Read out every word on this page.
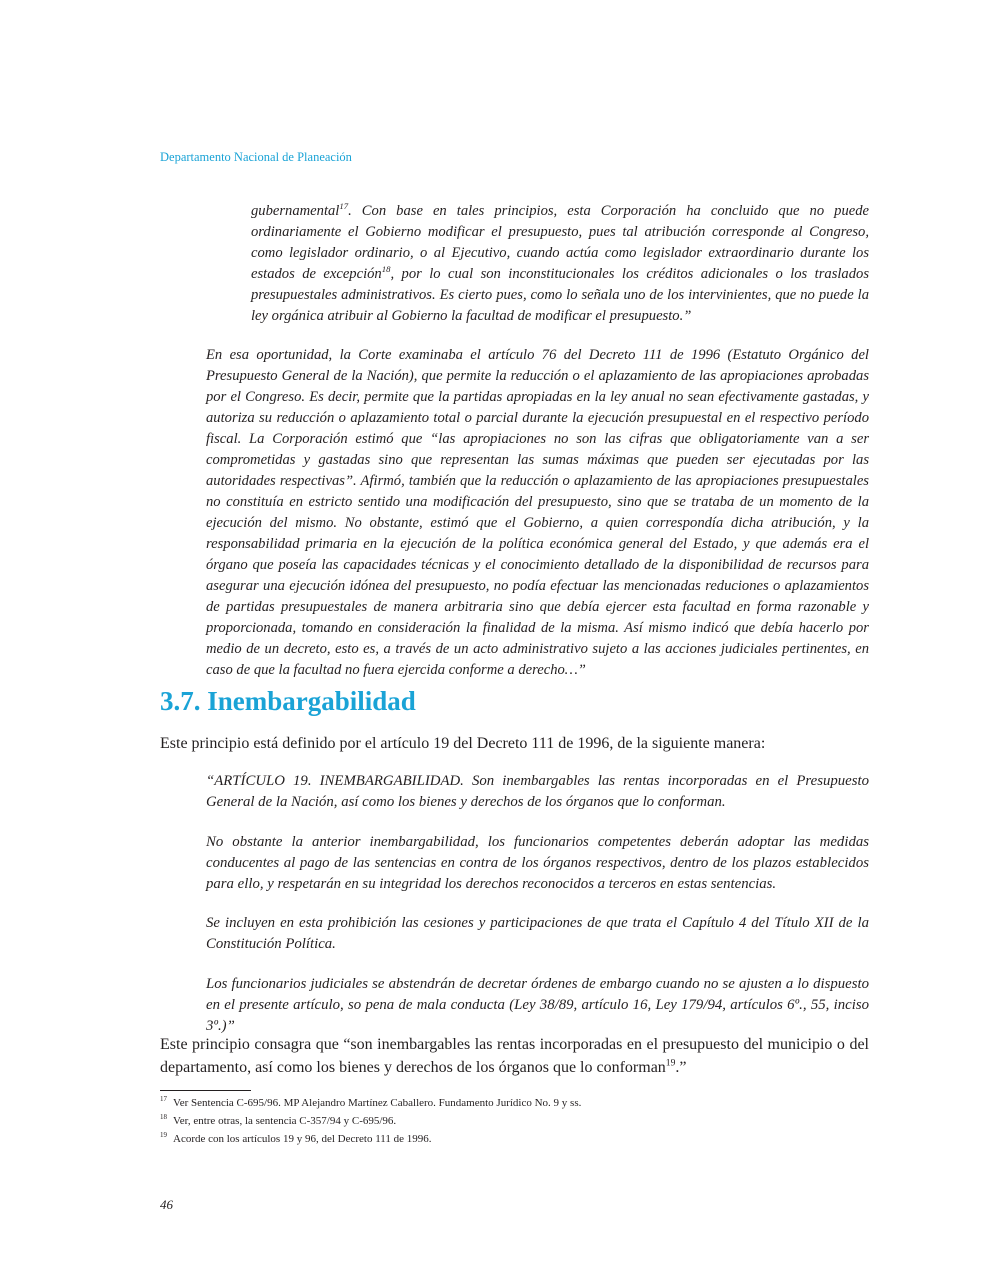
Departamento Nacional de Planeación
gubernamental$^{17}$. Con base en tales principios, esta Corporación ha concluido que no puede ordinariamente el Gobierno modificar el presupuesto, pues tal atribución corresponde al Congreso, como legislador ordinario, o al Ejecutivo, cuando actúa como legislador extraordinario durante los estados de excepción$^{18}$, por lo cual son inconstitucionales los créditos adicionales o los traslados presupuestales administrativos. Es cierto pues, como lo señala uno de los intervinientes, que no puede la ley orgánica atribuir al Gobierno la facultad de modificar el presupuesto.”
En esa oportunidad, la Corte examinaba el artículo 76 del Decreto 111 de 1996 (Estatuto Orgánico del Presupuesto General de la Nación), que permite la reducción o el aplazamiento de las apropiaciones aprobadas por el Congreso. Es decir, permite que la partidas apropiadas en la ley anual no sean efectivamente gastadas, y autoriza su reducción o aplazamiento total o parcial durante la ejecución presupuestal en el respectivo período fiscal. La Corporación estimó que “las apropiaciones no son las cifras que obligatoriamente van a ser comprometidas y gastadas sino que representan las sumas máximas que pueden ser ejecutadas por las autoridades respectivas”. Afirmó, también que la reducción o aplazamiento de las apropiaciones presupuestales no constituía en estricto sentido una modificación del presupuesto, sino que se trataba de un momento de la ejecución del mismo. No obstante, estimó que el Gobierno, a quien correspondía dicha atribución, y la responsabilidad primaria en la ejecución de la política económica general del Estado, y que además era el órgano que poseía las capacidades técnicas y el conocimiento detallado de la disponibilidad de recursos para asegurar una ejecución idónea del presupuesto, no podía efectuar las mencionadas reduciones o aplazamientos de partidas presupuestales de manera arbitraria sino que debía ejercer esta facultad en forma razonable y proporcionada, tomando en consideración la finalidad de la misma. Así mismo indicó que debía hacerlo por medio de un decreto, esto es, a través de un acto administrativo sujeto a las acciones judiciales pertinentes, en caso de que la facultad no fuera ejercida conforme a derecho…”
3.7. Inembargabilidad
Este principio está definido por el artículo 19 del Decreto 111 de 1996, de la siguiente manera:
“ARTÍCULO 19. INEMBARGABILIDAD. Son inembargables las rentas incorporadas en el Presupuesto General de la Nación, así como los bienes y derechos de los órganos que lo conforman.
No obstante la anterior inembargabilidad, los funcionarios competentes deberán adoptar las medidas conducentes al pago de las sentencias en contra de los órganos respectivos, dentro de los plazos establecidos para ello, y respetarán en su integridad los derechos reconocidos a terceros en estas sentencias.
Se incluyen en esta prohibición las cesiones y participaciones de que trata el Capítulo 4 del Título XII de la Constitución Política.
Los funcionarios judiciales se abstendrán de decretar órdenes de embargo cuando no se ajusten a lo dispuesto en el presente artículo, so pena de mala conducta (Ley 38/89, artículo 16, Ley 179/94, artículos 6º., 55, inciso 3º.)”
Este principio consagra que “son inembargables las rentas incorporadas en el presupuesto del municipio o del departamento, así como los bienes y derechos de los órganos que lo conforman$^{19}$.”
$^{17}$ Ver Sentencia C-695/96. MP Alejandro Martínez Caballero. Fundamento Jurídico No. 9 y ss.
$^{18}$ Ver, entre otras, la sentencia C-357/94 y C-695/96.
$^{19}$ Acorde con los artículos 19 y 96, del Decreto 111 de 1996.
46
